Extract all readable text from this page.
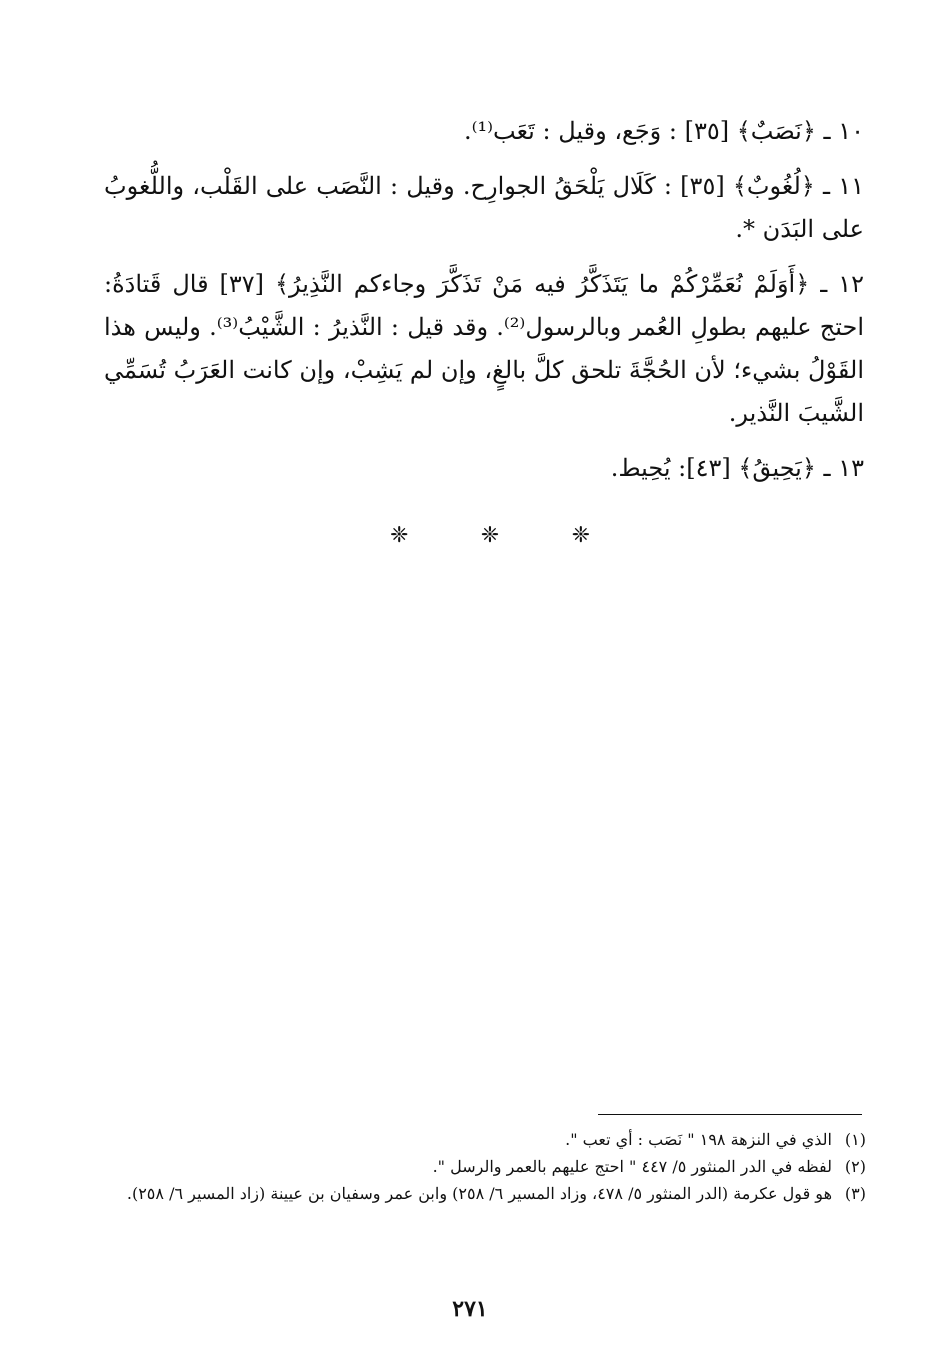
١٠ ـ ﴿نَصَبٌ﴾ [٣٥] : وَجَع، وقيل : تَعَب⁽¹⁾.

١١ ـ ﴿لُغُوبٌ﴾ [٣٥] : كَلَال يَلْحَقُ الجوارِح. وقيل : النَّصَب على القَلْب، واللُّغوبُ على البَدَن *.

١٢ ـ ﴿أَوَلَمْ نُعَمِّرْكُمْ ما يَتَذَكَّرُ فيه مَنْ تَذَكَّرَ وجاءكم النَّذِيرُ﴾ [٣٧] قال قَتادَةُ: احتج عليهم بطولِ العُمر وبالرسول⁽²⁾. وقد قيل : النَّذيرُ : الشَّيْبُ⁽³⁾. وليس هذا القَوْلُ بشيء؛ لأن الحُجَّةَ تلحق كلَّ بالغٍ، وإن لم يَشِبْ، وإن كانت العَرَبُ تُسَمِّي الشَّيبَ النَّذير.

١٣ ـ ﴿يَحِيقُ﴾ [٤٣]: يُحِيط.

❈	❈	❈
(١)
الذي في النزهة ١٩٨ " نَصَب : أي تعب ".
(٢)
لفظه في الدر المنثور ٥/ ٤٤٧ " احتج عليهم بالعمر والرسل ".
(٣)
هو قول عكرمة (الدر المنثور ٥/ ٤٧٨، وزاد المسير ٦/ ٢٥٨) وابن عمر وسفيان بن عيينة (زاد المسير ٦/ ٢٥٨).
٢٧١
